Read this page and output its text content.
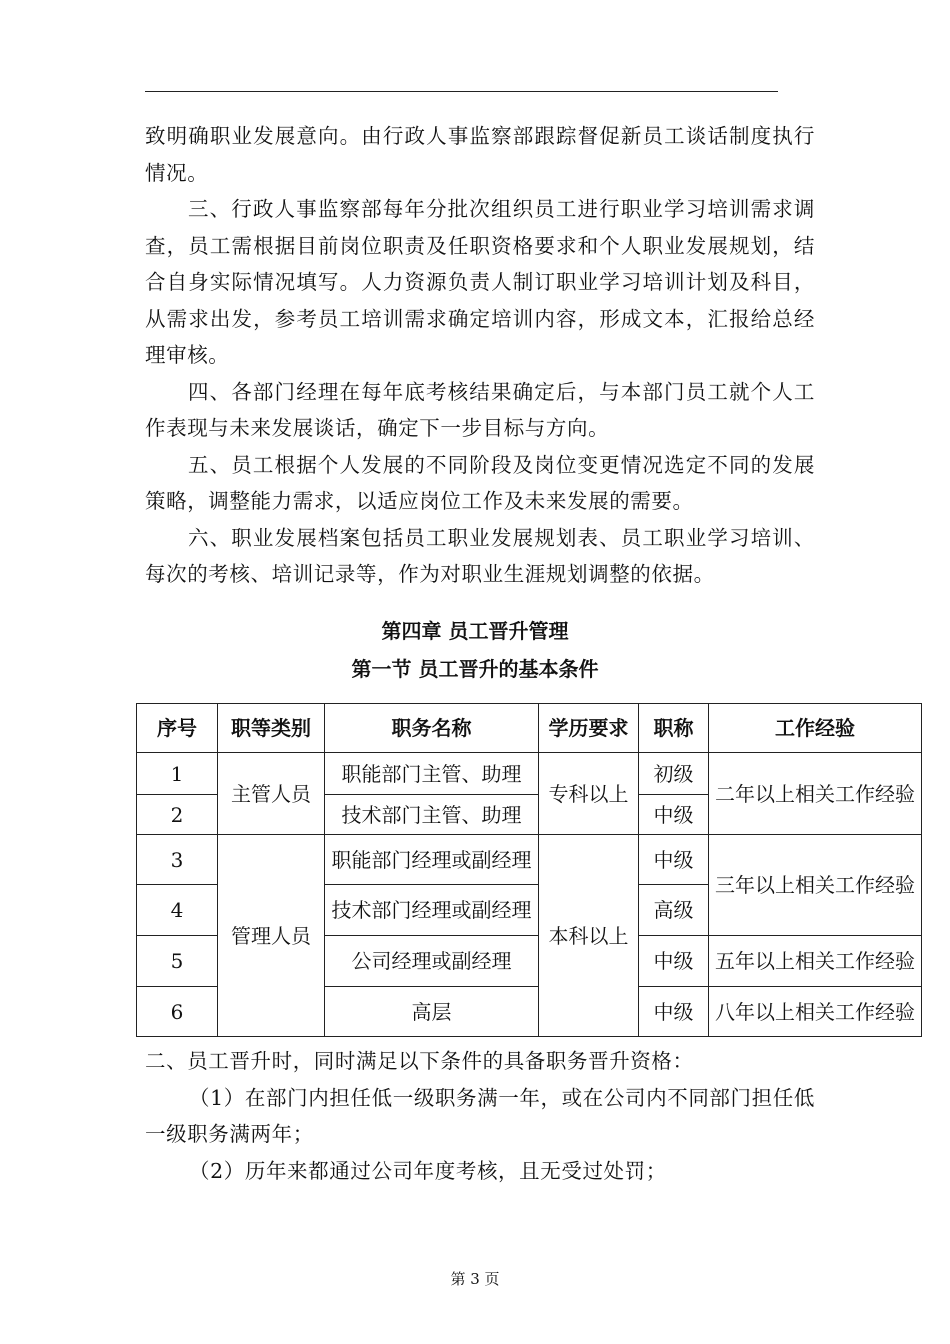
致明确职业发展意向。由行政人事监察部跟踪督促新员工谈话制度执行情况。

三、行政人事监察部每年分批次组织员工进行职业学习培训需求调查，员工需根据目前岗位职责及任职资格要求和个人职业发展规划，结合自身实际情况填写。人力资源负责人制订职业学习培训计划及科目，从需求出发，参考员工培训需求确定培训内容，形成文本，汇报给总经理审核。

四、各部门经理在每年底考核结果确定后，与本部门员工就个人工作表现与未来发展谈话，确定下一步目标与方向。

五、员工根据个人发展的不同阶段及岗位变更情况选定不同的发展策略，调整能力需求，以适应岗位工作及未来发展的需要。

六、职业发展档案包括员工职业发展规划表、员工职业学习培训、每次的考核、培训记录等，作为对职业生涯规划调整的依据。

第四章 员工晋升管理
第一节 员工晋升的基本条件
序号	职等类别	职务名称	学历要求	职称	工作经验
1	主管人员	职能部门主管、助理	专科以上	初级	二年以上相关工作经验
2		技术部门主管、助理		中级	
3	管理人员	职能部门经理或副经理	本科以上	中级	三年以上相关工作经验
4		技术部门经理或副经理		高级	
5		公司经理或副经理		中级	五年以上相关工作经验
6		高层		中级	八年以上相关工作经验

二、员工晋升时，同时满足以下条件的具备职务晋升资格：

（1）在部门内担任低一级职务满一年，或在公司内不同部门担任低一级职务满两年；

（2）历年来都通过公司年度考核，且无受过处罚；

第 3 页
